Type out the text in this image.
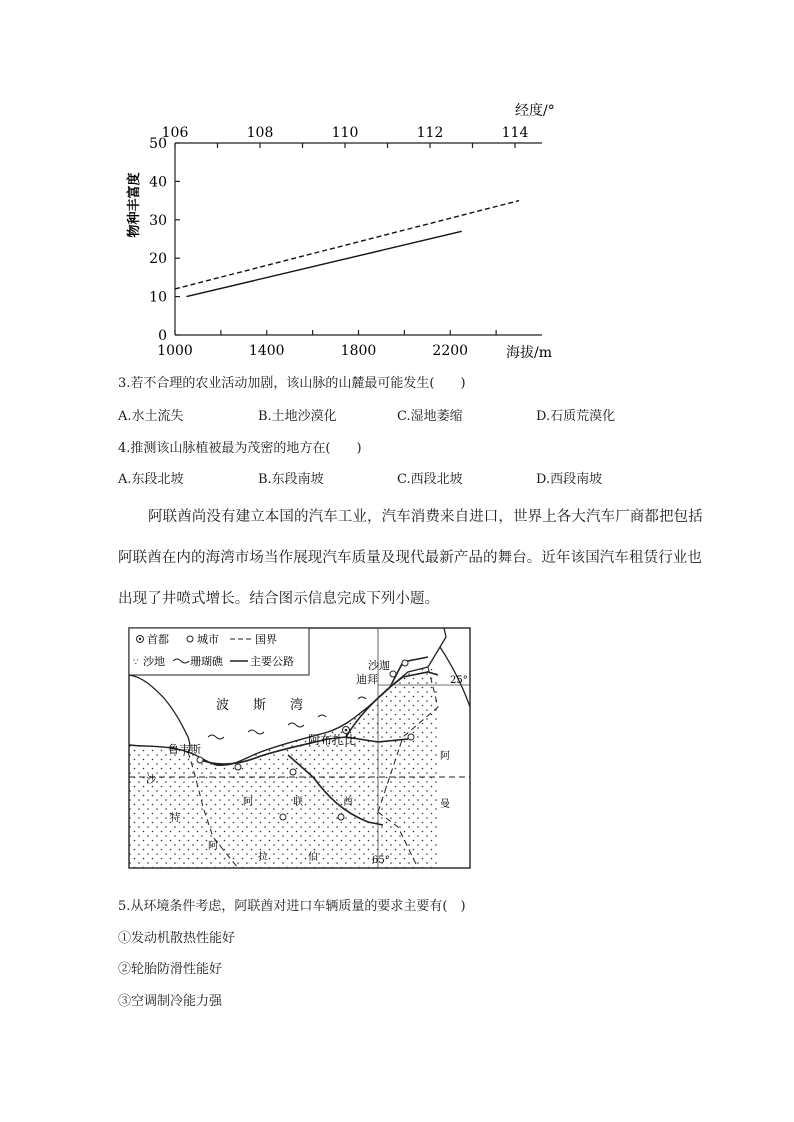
0
10
20
30
40
50
1000	1400	1800	2200
106	108	110	112	114
经度/°
海拔/m
物种丰富度
3.若不合理的农业活动加剧，该山脉的山麓最可能发生(　　)
A.水土流失	B.土地沙漠化	C.湿地萎缩	D.石质荒漠化
4.推测该山脉植被最为茂密的地方在(　　)
A.东段北坡	B.东段南坡	C.西段北坡	D.西段南坡
阿联酋尚没有建立本国的汽车工业，汽车消费来自进口，世界上各大汽车厂商都把包括
阿联酋在内的海湾市场当作展现汽车质量及现代最新产品的舞台。近年该国汽车租赁行业也
出现了井喷式增长。结合图示信息完成下列小题。
首都	城市	国界
∵ 沙地 珊瑚礁 主要公路
波 斯 湾
阿布扎比
鲁韦斯
沙迦
迪拜	25°
65°
阿	联	酋
沙
特
阿
拉	伯
阿
曼
5.从环境条件考虑，阿联酋对进口车辆质量的要求主要有(　)
①发动机散热性能好
②轮胎防滑性能好
③空调制冷能力强
